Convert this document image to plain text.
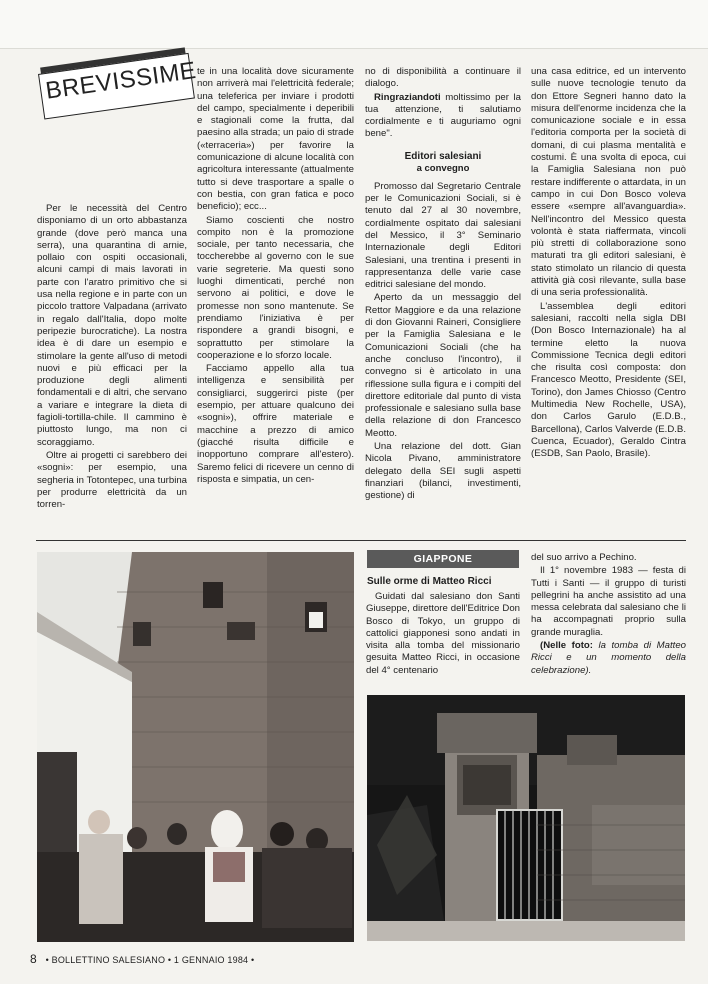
BREVISSIME

Per le necessità del Centro disponiamo di un orto abbastanza grande (dove però manca una serra), una quarantina di arnie, pollaio con ospiti occasionali, alcuni campi di mais lavorati in parte con l'aratro primitivo che si usa nella regione e in parte con un piccolo trattore Valpadana (arrivato in regalo dall'Italia, dopo molte peripezie burocratiche). La nostra idea è di dare un esempio e stimolare la gente all'uso di metodi nuovi e più efficaci per la produzione degli alimenti fondamentali e di altri, che servano a variare e integrare la dieta di fagioli-tortilla-chile. Il cammino è piuttosto lungo, ma non ci scoraggiamo.

Oltre ai progetti ci sarebbero dei «sogni»: per esempio, una segheria in Totontepec, una turbina per produrre elettricità da un torren-

te in una località dove sicuramente non arriverà mai l'elettricità federale; una teleferica per inviare i prodotti del campo, specialmente i deperibili e stagionali come la frutta, dal paesino alla strada; un paio di strade («terraceria») per favorire la comunicazione di alcune località con agricoltura interessante (attualmente tutto si deve trasportare a spalle o con bestia, con gran fatica e poco beneficio); ecc...

Siamo coscienti che nostro compito non è la promozione sociale, per tanto necessaria, che toccherebbe al governo con le sue varie segreterie. Ma questi sono luoghi dimenticati, perché non servono ai politici, e dove le promesse non sono mantenute. Se prendiamo l'iniziativa è per rispondere a grandi bisogni, e soprattutto per stimolare la cooperazione e lo sforzo locale.

Facciamo appello alla tua intelligenza e sensibilità per consigliarci, suggerirci piste (per esempio, per attuare qualcuno dei «sogni»), offrire materiale e macchine a prezzo di amico (giacché risulta difficile e inopportuno comprare all'estero). Saremo felici di ricevere un cenno di risposta e simpatia, un cen-

no di disponibilità a continuare il dialogo.

Ringraziandoti moltissimo per la tua attenzione, ti salutiamo cordialmente e ti auguriamo ogni bene".

Editori salesiani
a convegno

Promosso dal Segretario Centrale per le Comunicazioni Sociali, si è tenuto dal 27 al 30 novembre, cordialmente ospitato dai salesiani del Messico, il 3° Seminario Internazionale degli Editori Salesiani, una trentina i presenti in rappresentanza delle varie case editrici salesiane del mondo.

Aperto da un messaggio del Rettor Maggiore e da una relazione di don Giovanni Raineri, Consigliere per la Famiglia Salesiana e le Comunicazioni Sociali (che ha anche concluso l'incontro), il convegno si è articolato in una riflessione sulla figura e i compiti del direttore editoriale dal punto di vista professionale e salesiano sulla base della relazione di don Francesco Meotto.

Una relazione del dott. Gian Nicola Pivano, amministratore delegato della SEI sugli aspetti finanziari (bilanci, investimenti, gestione) di

una casa editrice, ed un intervento sulle nuove tecnologie tenuto da don Ettore Segneri hanno dato la misura dell'enorme incidenza che la comunicazione sociale e in essa l'editoria comporta per la società di domani, di cui plasma mentalità e costumi. È una svolta di epoca, cui la Famiglia Salesiana non può restare indifferente o attardata, in un campo in cui Don Bosco voleva essere «sempre all'avanguardia». Nell'incontro del Messico questa volontà è stata riaffermata, vincoli più stretti di collaborazione sono maturati tra gli editori salesiani, è stato stimolato un rilancio di questa attività già così rilevante, sulla base di una seria professionalità.

L'assemblea degli editori salesiani, raccolti nella sigla DBI (Don Bosco Internazionale) ha al termine eletto la nuova Commissione Tecnica degli editori che risulta così composta: don Francesco Meotto, Presidente (SEI, Torino), don James Chiosso (Centro Multimedia New Rochelle, USA), don Carlos Garulo (E.D.B., Barcellona), Carlos Valverde (E.D.B. Cuenca, Ecuador), Geraldo Cintra (ESDB, San Paolo, Brasile).

GIAPPONE
Sulle orme di Matteo Ricci

Guidati dal salesiano don Santi Giuseppe, direttore dell'Editrice Don Bosco di Tokyo, un gruppo di cattolici giapponesi sono andati in visita alla tomba del missionario gesuita Matteo Ricci, in occasione del 4° centenario

del suo arrivo a Pechino.

Il 1° novembre 1983 — festa di Tutti i Santi — il gruppo di turisti pellegrini ha anche assistito ad una messa celebrata dal salesiano che li ha accompagnati proprio sulla grande muraglia.

(Nelle foto: la tomba di Matteo Ricci e un momento della celebrazione).

8 • BOLLETTINO SALESIANO • 1 GENNAIO 1984 •
